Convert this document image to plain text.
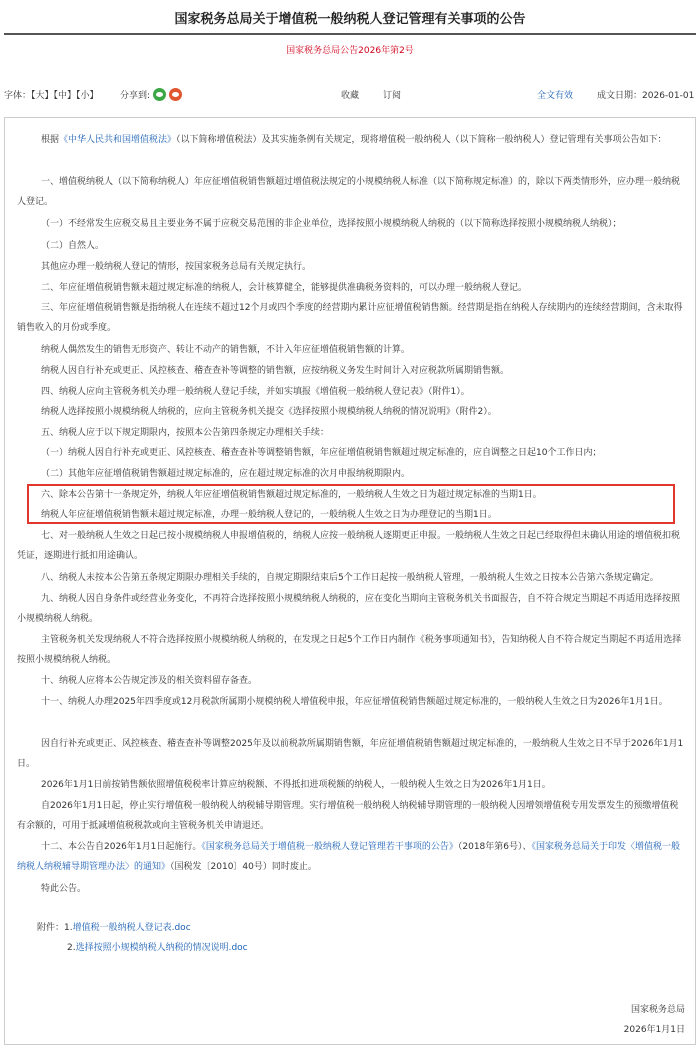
国家税务总局关于增值税一般纳税人登记管理有关事项的公告
国家税务总局公告2026年第2号
字体：【大】【中】【小】 分享到:	收藏	订阅	全文有效	成文日期：2026-01-01
根据《中华人民共和国增值税法》（以下简称增值税法）及其实施条例有关规定，现将增值税一般纳税人（以下简称一般纳税人）登记管理有关事项公告如下：
一、增值税纳税人（以下简称纳税人）年应征增值税销售额超过增值税法规定的小规模纳税人标准（以下简称规定标准）的，除以下两类情形外，应办理一般纳税人登记。
（一）不经常发生应税交易且主要业务不属于应税交易范围的非企业单位，选择按照小规模纳税人纳税的（以下简称选择按照小规模纳税人纳税）；
（二）自然人。
其他应办理一般纳税人登记的情形，按国家税务总局有关规定执行。
二、年应征增值税销售额未超过规定标准的纳税人，会计核算健全，能够提供准确税务资料的，可以办理一般纳税人登记。
三、年应征增值税销售额是指纳税人在连续不超过12个月或四个季度的经营期内累计应征增值税销售额。经营期是指在纳税人存续期内的连续经营期间，含未取得销售收入的月份或季度。
纳税人偶然发生的销售无形资产、转让不动产的销售额，不计入年应征增值税销售额的计算。
纳税人因自行补充或更正、风控核查、稽查查补等调整的销售额，应按纳税义务发生时间计入对应税款所属期销售额。
四、纳税人应向主管税务机关办理一般纳税人登记手续，并如实填报《增值税一般纳税人登记表》（附件1）。
纳税人选择按照小规模纳税人纳税的，应向主管税务机关提交《选择按照小规模纳税人纳税的情况说明》（附件2）。
五、纳税人应于以下规定期限内，按照本公告第四条规定办理相关手续：
（一）纳税人因自行补充或更正、风控核查、稽查查补等调整销售额，年应征增值税销售额超过规定标准的，应自调整之日起10个工作日内；
（二）其他年应征增值税销售额超过规定标准的，应在超过规定标准的次月申报纳税期限内。
六、除本公告第十一条规定外，纳税人年应征增值税销售额超过规定标准的，一般纳税人生效之日为超过规定标准的当期1日。
纳税人年应征增值税销售额未超过规定标准，办理一般纳税人登记的，一般纳税人生效之日为办理登记的当期1日。
七、对一般纳税人生效之日起已按小规模纳税人申报增值税的，纳税人应按一般纳税人逐期更正申报。一般纳税人生效之日起已经取得但未确认用途的增值税扣税凭证，逐期进行抵扣用途确认。
八、纳税人未按本公告第五条规定期限办理相关手续的，自规定期限结束后5个工作日起按一般纳税人管理，一般纳税人生效之日按本公告第六条规定确定。
九、纳税人因自身条件或经营业务变化，不再符合选择按照小规模纳税人纳税的，应在变化当期向主管税务机关书面报告，自不符合规定当期起不再适用选择按照小规模纳税人纳税。
主管税务机关发现纳税人不符合选择按照小规模纳税人纳税的，在发现之日起5个工作日内制作《税务事项通知书》，告知纳税人自不符合规定当期起不再适用选择按照小规模纳税人纳税。
十、纳税人应将本公告规定涉及的相关资料留存备查。
十一、纳税人办理2025年四季度或12月税款所属期小规模纳税人增值税申报，年应征增值税销售额超过规定标准的，一般纳税人生效之日为2026年1月1日。
因自行补充或更正、风控核查、稽查查补等调整2025年及以前税款所属期销售额，年应征增值税销售额超过规定标准的，一般纳税人生效之日不早于2026年1月1日。
2026年1月1日前按销售额依照增值税税率计算应纳税额、不得抵扣进项税额的纳税人，一般纳税人生效之日为2026年1月1日。
自2026年1月1日起，停止实行增值税一般纳税人纳税辅导期管理。实行增值税一般纳税人纳税辅导期管理的一般纳税人因增领增值税专用发票发生的预缴增值税有余额的，可用于抵减增值税税款或向主管税务机关申请退还。
十二、本公告自2026年1月1日起施行。《国家税务总局关于增值税一般纳税人登记管理若干事项的公告》（2018年第6号）、《国家税务总局关于印发〈增值税一般纳税人纳税辅导期管理办法〉的通知》（国税发〔2010〕40号）同时废止。
特此公告。
附件：1.增值税一般纳税人登记表.doc
2.选择按照小规模纳税人纳税的情况说明.doc
国家税务总局
2026年1月1日
